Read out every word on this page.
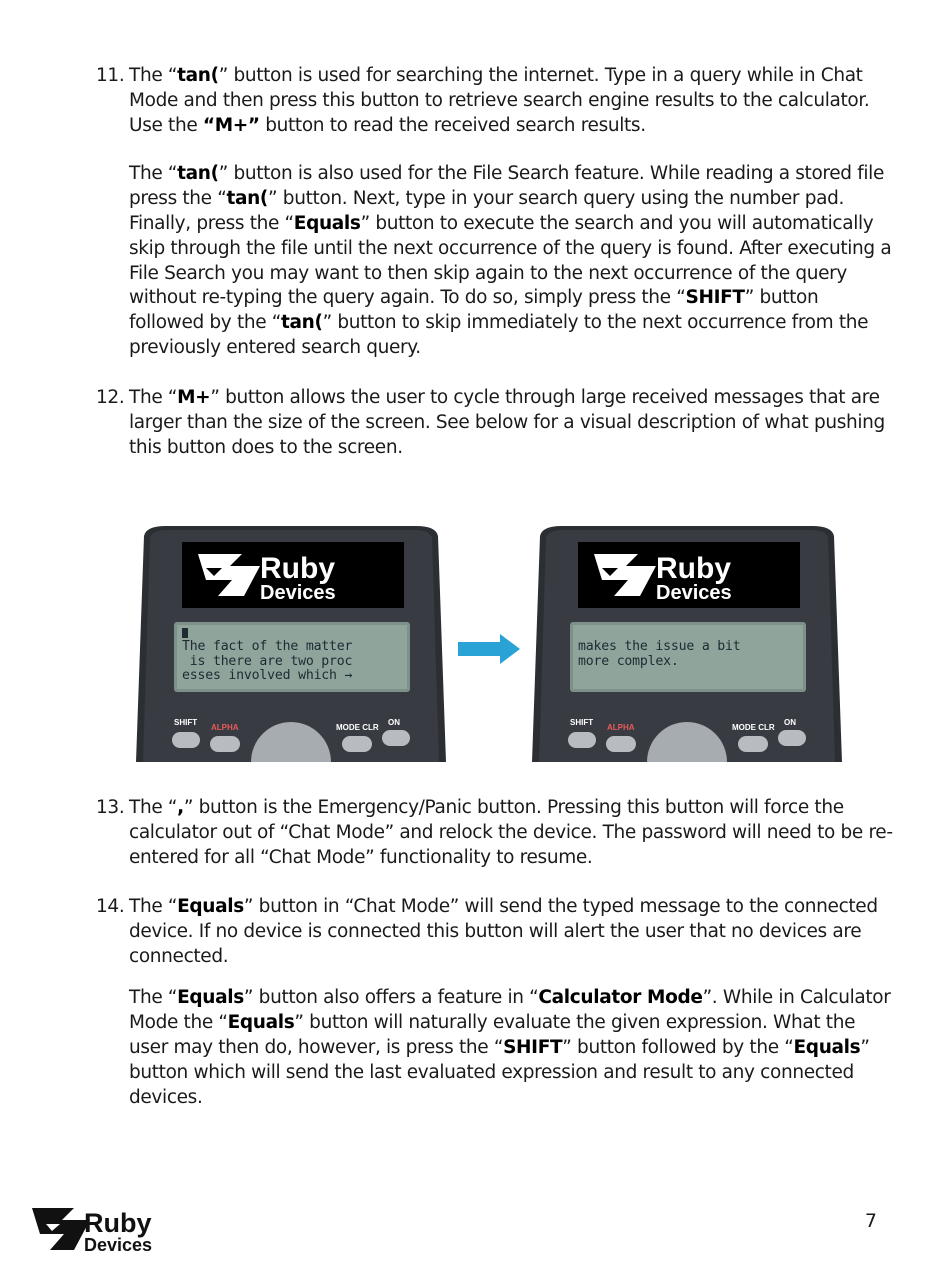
11. The “tan(” button is used for searching the internet. Type in a query while in Chat Mode and then press this button to retrieve search engine results to the calculator. Use the “M+” button to read the received search results.

The “tan(” button is also used for the File Search feature. While reading a stored file press the “tan(” button. Next, type in your search query using the number pad. Finally, press the “Equals” button to execute the search and you will automatically skip through the file until the next occurrence of the query is found. After executing a File Search you may want to then skip again to the next occurrence of the query without re-typing the query again. To do so, simply press the “SHIFT” button followed by the “tan(” button to skip immediately to the next occurrence from the previously entered search query.

12. The “M+” button allows the user to cycle through large received messages that are larger than the size of the screen. See below for a visual description of what pushing this button does to the screen.

Ruby
Devices
SHIFT
ALPHA	MODE CLR
ON
The fact of the matter
is there are two proc
esses involved which →
Ruby
Devices
SHIFT
ALPHA	MODE CLR
ON
makes the issue a bit
more complex.
13. The “,” button is the Emergency/Panic button. Pressing this button will force the calculator out of “Chat Mode” and relock the device. The password will need to be re-entered for all “Chat Mode” functionality to resume.

14. The “Equals” button in “Chat Mode” will send the typed message to the connected device. If no device is connected this button will alert the user that no devices are connected.

The “Equals” button also offers a feature in “Calculator Mode”. While in Calculator Mode the “Equals” button will naturally evaluate the given expression. What the user may then do, however, is press the “SHIFT” button followed by the “Equals” button which will send the last evaluated expression and result to any connected devices.

Ruby
Devices
7
